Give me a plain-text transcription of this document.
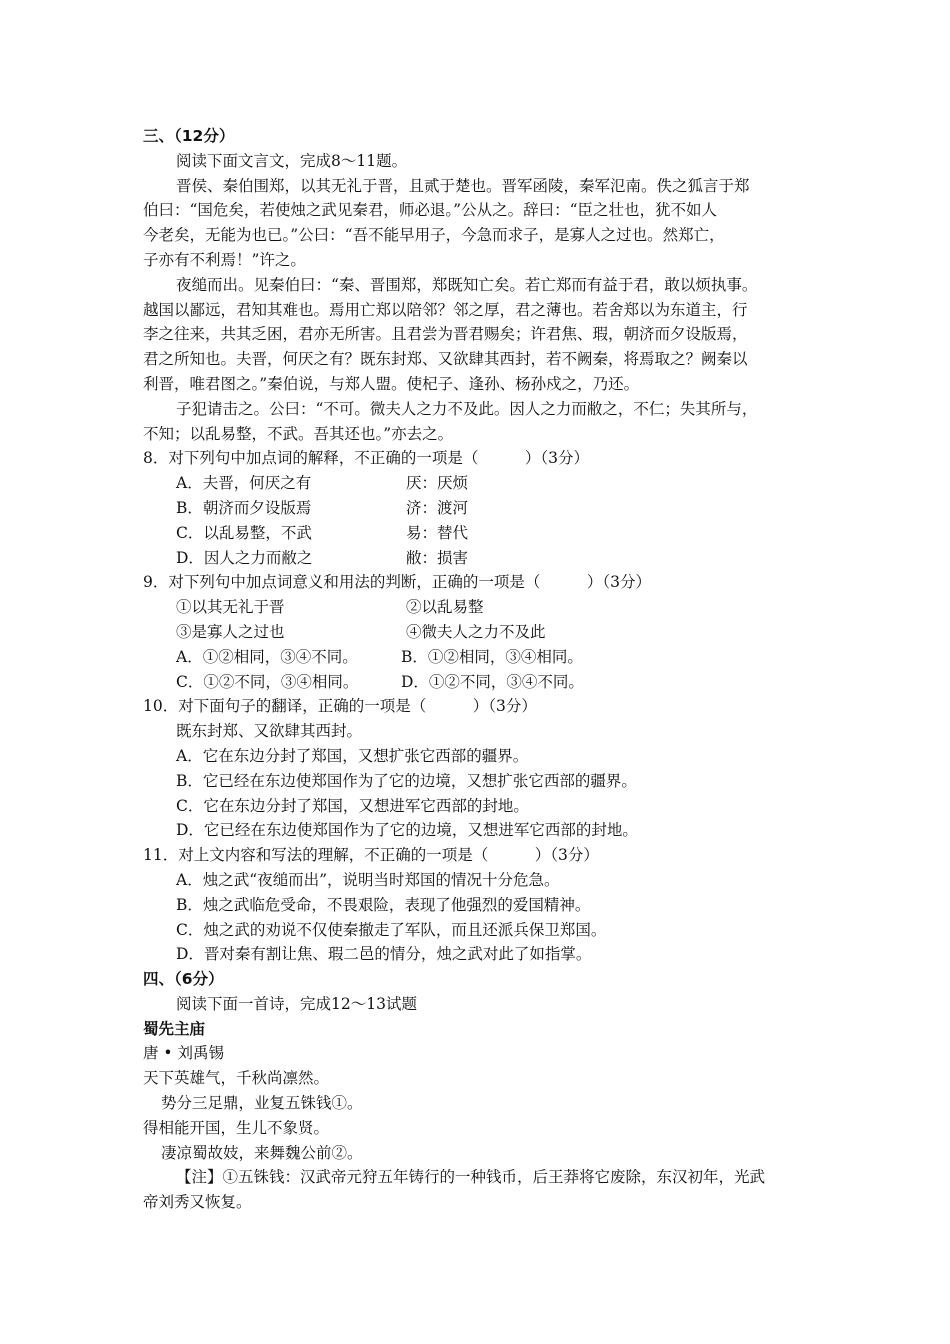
三、（12分）
阅读下面文言文，完成8～11题。
晋侯、秦伯围郑，以其无礼于晋，且贰于楚也。晋军函陵，秦军氾南。佚之狐言于郑
伯曰：“国危矣，若使烛之武见秦君，师必退。”公从之。辞曰：“臣之壮也，犹不如人
今老矣，无能为也已。”公曰：“吾不能早用子，今急而求子，是寡人之过也。然郑亡，
子亦有不利焉！”许之。
夜缒而出。见秦伯曰：“秦、晋围郑，郑既知亡矣。若亡郑而有益于君，敢以烦执事。
越国以鄙远，君知其难也。焉用亡郑以陪邻？邻之厚，君之薄也。若舍郑以为东道主，行
李之往来，共其乏困，君亦无所害。且君尝为晋君赐矣；许君焦、瑕，朝济而夕设版焉，
君之所知也。夫晋，何厌之有？既东封郑、又欲肆其西封，若不阙秦，将焉取之？阙秦以
利晋，唯君图之。”秦伯说，与郑人盟。使杞子、逢孙、杨孙戍之，乃还。
子犯请击之。公曰：“不可。微夫人之力不及此。因人之力而敝之，不仁；失其所与，
不知；以乱易整，不武。吾其还也。”亦去之。
8．对下列句中加点词的解释，不正确的一项是（　　　）（3分）
A．夫晋，何厌之有	厌：厌烦
B．朝济而夕设版焉	济：渡河
C．以乱易整，不武	易：替代
D．因人之力而敝之	敝：损害
9．对下列句中加点词意义和用法的判断，正确的一项是（　　　）（3分）
①以其无礼于晋	②以乱易整
③是寡人之过也	④微夫人之力不及此
A．①②相同，③④不同。	B．①②相同，③④相同。
C．①②不同，③④相同。	D．①②不同，③④不同。
10．对下面句子的翻译，正确的一项是（　　　）（3分）
既东封郑、又欲肆其西封。
A．它在东边分封了郑国，又想扩张它西部的疆界。
B．它已经在东边使郑国作为了它的边境，又想扩张它西部的疆界。
C．它在东边分封了郑国，又想进军它西部的封地。
D．它已经在东边使郑国作为了它的边境，又想进军它西部的封地。
11．对上文内容和写法的理解，不正确的一项是（　　　）（3分）
A．烛之武“夜缒而出”，说明当时郑国的情况十分危急。
B．烛之武临危受命，不畏艰险，表现了他强烈的爱国精神。
C．烛之武的劝说不仅使秦撤走了军队，而且还派兵保卫郑国。
D．晋对秦有割让焦、瑕二邑的情分，烛之武对此了如指掌。
四、（6分）
阅读下面一首诗，完成12～13试题
蜀先主庙
唐 • 刘禹锡
天下英雄气，千秋尚凛然。
势分三足鼎，业复五铢钱①。
得相能开国，生儿不象贤。
凄凉蜀故妓，来舞魏公前②。
【注】①五铢钱：汉武帝元狩五年铸行的一种钱币，后王莽将它废除，东汉初年，光武
帝刘秀又恢复。
